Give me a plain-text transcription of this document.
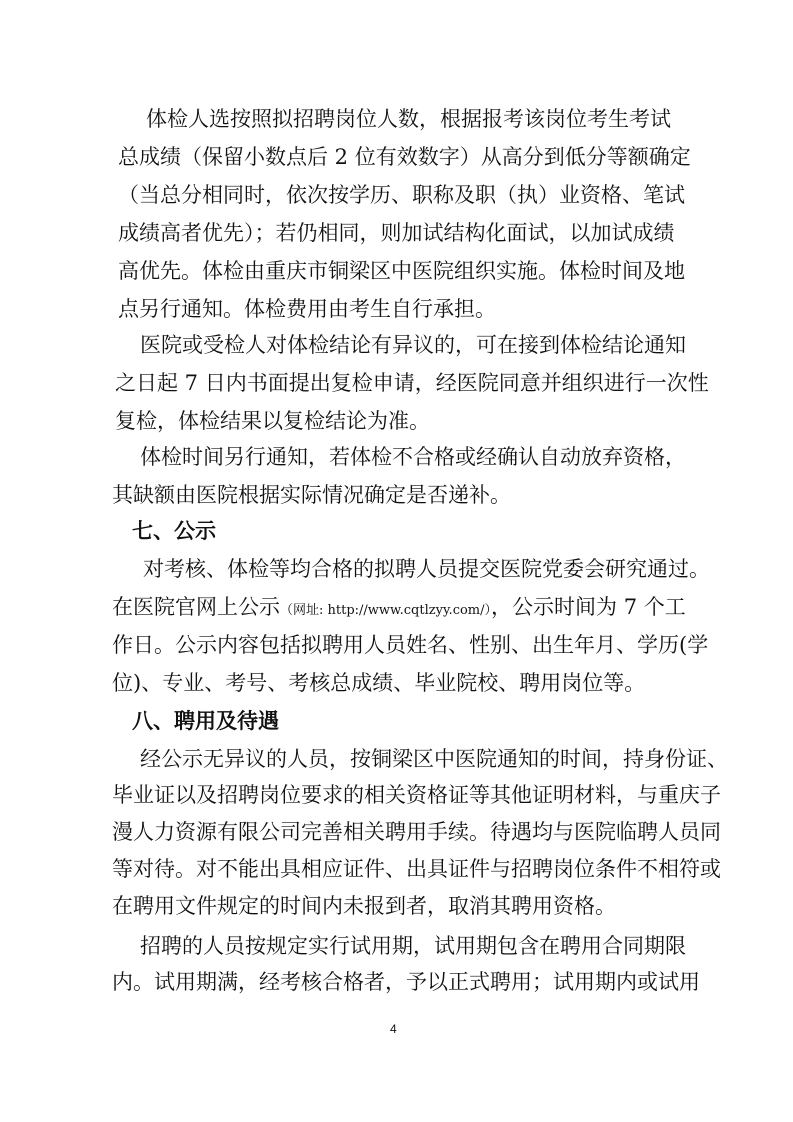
体检人选按照拟招聘岗位人数，根据报考该岗位考生考试
总成绩（保留小数点后 2 位有效数字）从高分到低分等额确定
（当总分相同时，依次按学历、职称及职（执）业资格、笔试
成绩高者优先）；若仍相同，则加试结构化面试，以加试成绩
高优先。体检由重庆市铜梁区中医院组织实施。体检时间及地
点另行通知。体检费用由考生自行承担。
医院或受检人对体检结论有异议的，可在接到体检结论通知
之日起 7 日内书面提出复检申请，经医院同意并组织进行一次性
复检，体检结果以复检结论为准。
体检时间另行通知，若体检不合格或经确认自动放弃资格，
其缺额由医院根据实际情况确定是否递补。
七、公示
对考核、体检等均合格的拟聘人员提交医院党委会研究通过。
在医院官网上公示（网址: http://www.cqtlzyy.com/），公示时间为 7 个工
作日。公示内容包括拟聘用人员姓名、性别、出生年月、学历(学
位)、专业、考号、考核总成绩、毕业院校、聘用岗位等。
八、聘用及待遇
经公示无异议的人员，按铜梁区中医院通知的时间，持身份证、
毕业证以及招聘岗位要求的相关资格证等其他证明材料，与重庆子
漫人力资源有限公司完善相关聘用手续。待遇均与医院临聘人员同
等对待。对不能出具相应证件、出具证件与招聘岗位条件不相符或
在聘用文件规定的时间内未报到者，取消其聘用资格。
招聘的人员按规定实行试用期，试用期包含在聘用合同期限
内。试用期满，经考核合格者，予以正式聘用；试用期内或试用
4
